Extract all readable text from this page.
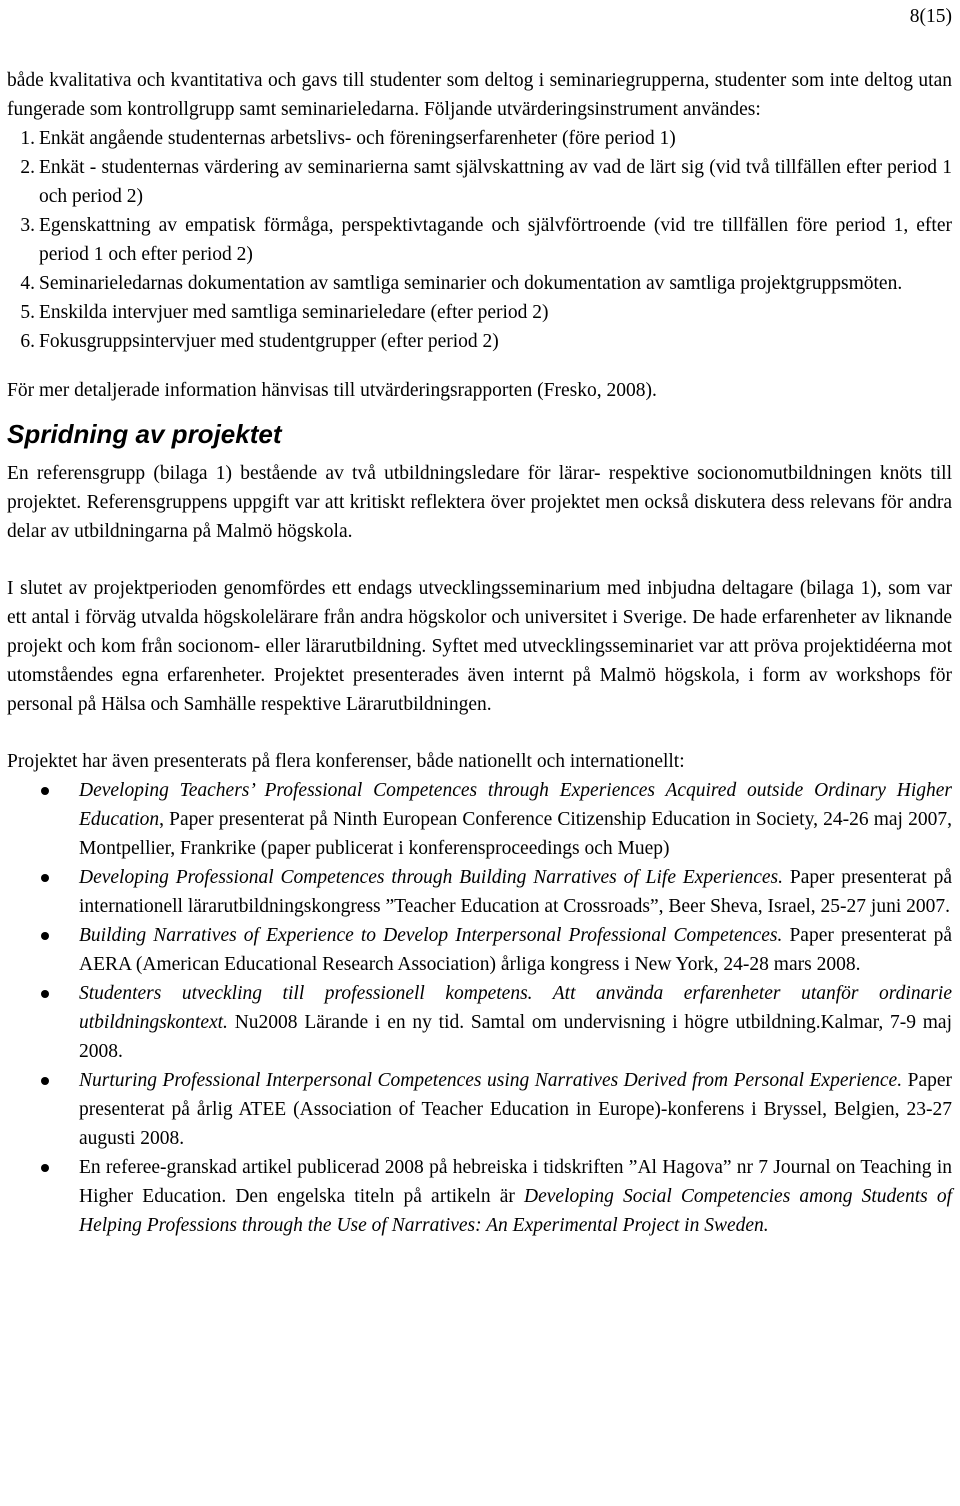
8(15)

både kvalitativa och kvantitativa och gavs till studenter som deltog i seminariegrupperna, studenter som inte deltog utan fungerade som kontrollgrupp samt seminarieledarna. Följande utvärderingsinstrument användes:

1. Enkät angående studenternas arbetslivs- och föreningserfarenheter (före period 1)
2. Enkät - studenternas värdering av seminarierna samt självskattning av vad de lärt sig (vid två tillfällen efter period 1 och period 2)
3. Egenskattning av empatisk förmåga, perspektivtagande och självförtroende (vid tre tillfällen före period 1, efter period 1 och efter period 2)
4. Seminarieledarnas dokumentation av samtliga seminarier och dokumentation av samtliga projektgruppsmöten.
5. Enskilda intervjuer med samtliga seminarieledare (efter period 2)
6. Fokusgruppsintervjuer med studentgrupper (efter period 2)

För mer detaljerade information hänvisas till utvärderingsrapporten (Fresko, 2008).

Spridning av projektet

En referensgrupp (bilaga 1) bestående av två utbildningsledare för lärar- respektive socionomutbildningen knöts till projektet. Referensgruppens uppgift var att kritiskt reflektera över projektet men också diskutera dess relevans för andra delar av utbildningarna på Malmö högskola.

I slutet av projektperioden genomfördes ett endags utvecklingsseminarium med inbjudna deltagare (bilaga 1), som var ett antal i förväg utvalda högskolelärare från andra högskolor och universitet i Sverige. De hade erfarenheter av liknande projekt och kom från socionom- eller lärarutbildning. Syftet med utvecklingsseminariet var att pröva projektidéerna mot utomståendes egna erfarenheter. Projektet presenterades även internt på Malmö högskola, i form av workshops för personal på Hälsa och Samhälle respektive Lärarutbildningen.

Projektet har även presenterats på flera konferenser, både nationellt och internationellt:

Developing Teachers’ Professional Competences through Experiences Acquired outside Ordinary Higher Education, Paper presenterat på Ninth European Conference Citizenship Education in Society, 24-26 maj 2007, Montpellier, Frankrike (paper publicerat i konferensproceedings och Muep)
Developing Professional Competences through Building Narratives of Life Experiences. Paper presenterat på internationell lärarutbildningskongress ”Teacher Education at Crossroads”, Beer Sheva, Israel, 25-27 juni 2007.
Building Narratives of Experience to Develop Interpersonal Professional Competences. Paper presenterat på AERA (American Educational Research Association) årliga kongress i New York, 24-28 mars 2008.
Studenters utveckling till professionell kompetens. Att använda erfarenheter utanför ordinarie utbildningskontext. Nu2008 Lärande i en ny tid. Samtal om undervisning i högre utbildning.Kalmar, 7-9 maj 2008.
Nurturing Professional Interpersonal Competences using Narratives Derived from Personal Experience. Paper presenterat på årlig ATEE (Association of Teacher Education in Europe)-konferens i Bryssel, Belgien, 23-27 augusti 2008.
En referee-granskad artikel publicerad 2008 på hebreiska i tidskriften ”Al Hagova” nr 7 Journal on Teaching in Higher Education. Den engelska titeln på artikeln är Developing Social Competencies among Students of Helping Professions through the Use of Narratives: An Experimental Project in Sweden.
